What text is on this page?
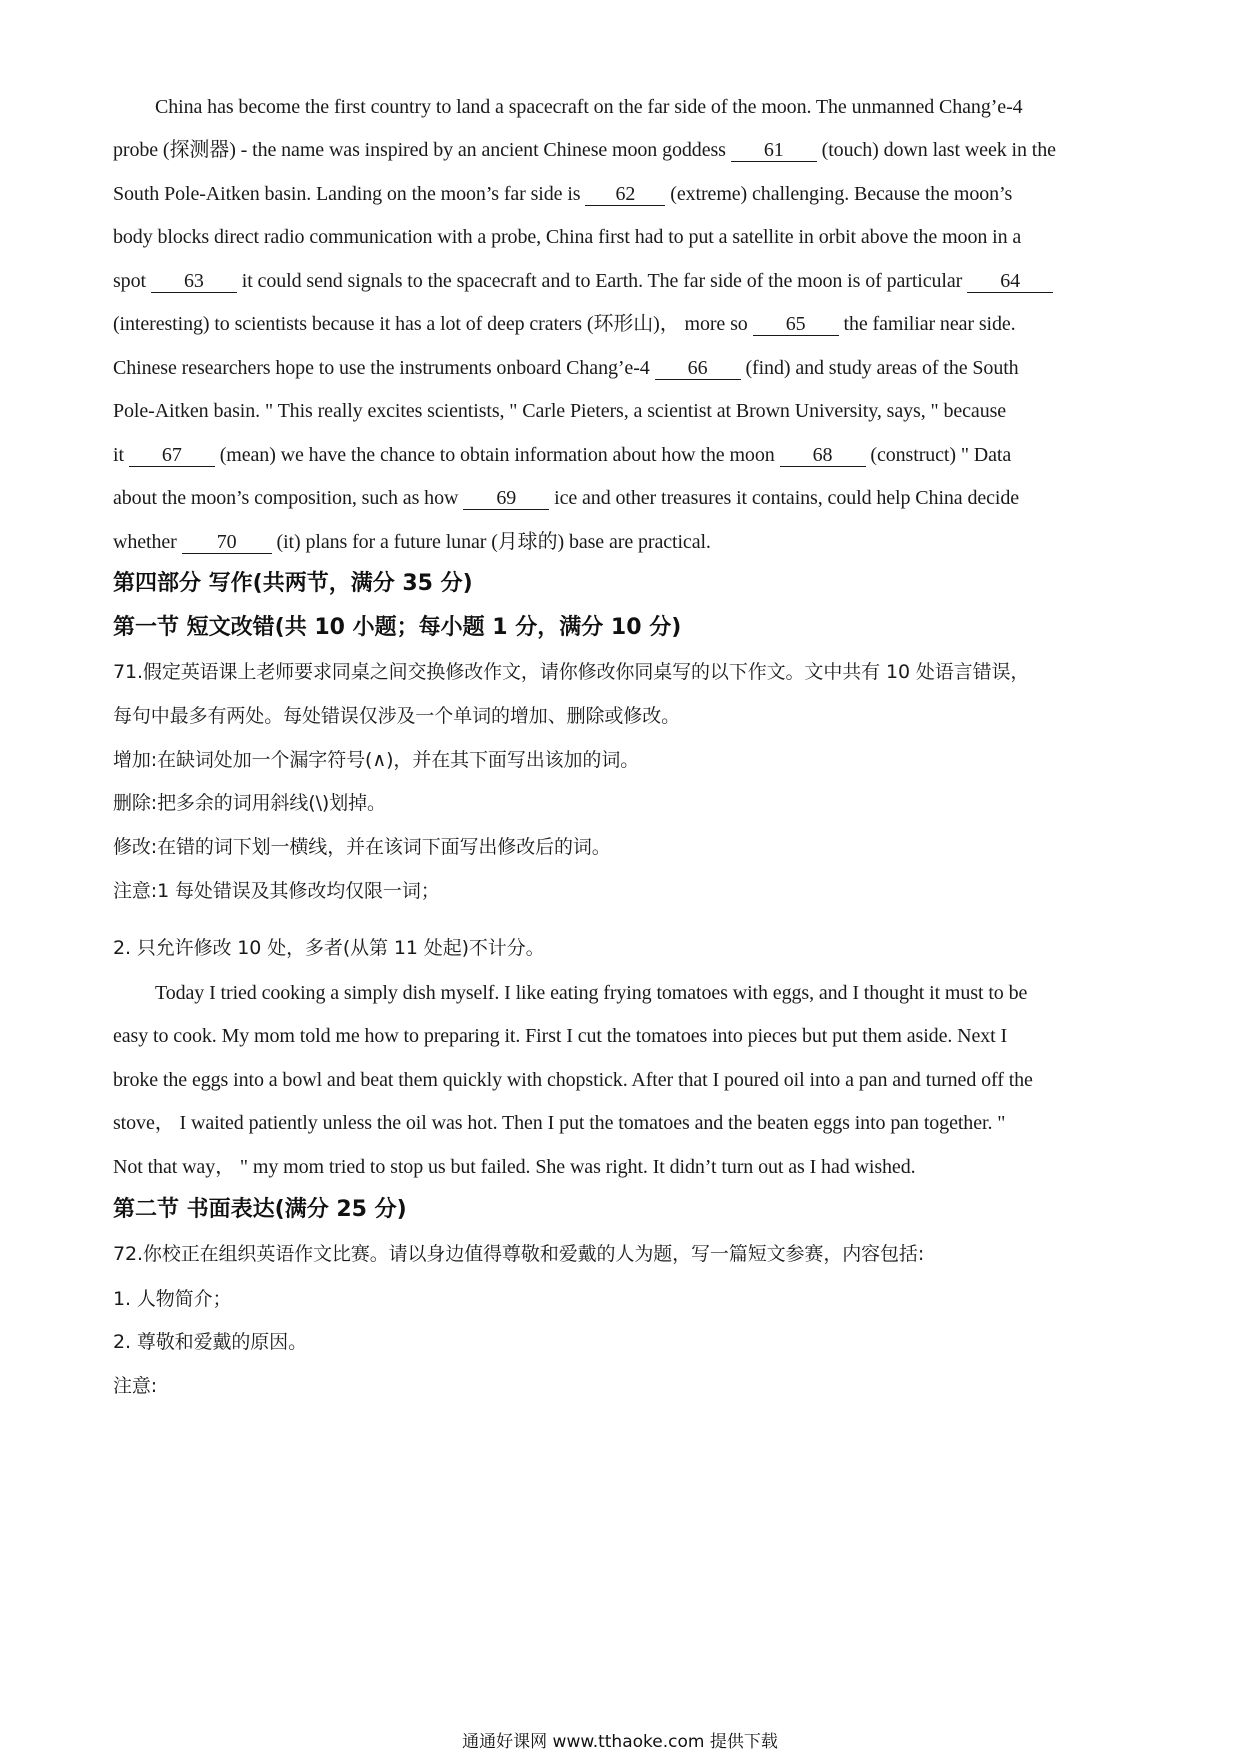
China has become the first country to land a spacecraft on the far side of the moon. The unmanned Chang’e-4
probe (探测器) - the name was inspired by an ancient Chinese moon goddess 61 (touch) down last week in the
South Pole-Aitken basin. Landing on the moon’s far side is 62 (extreme) challenging. Because the moon’s
body blocks direct radio communication with a probe, China first had to put a satellite in orbit above the moon in a
spot 63 it could send signals to the spacecraft and to Earth. The far side of the moon is of particular 64
(interesting) to scientists because it has a lot of deep craters (环形山)， more so 65 the familiar near side.
Chinese researchers hope to use the instruments onboard Chang’e-4 66 (find) and study areas of the South
Pole-Aitken basin. " This really excites scientists, " Carle Pieters, a scientist at Brown University, says, " because
it 67 (mean) we have the chance to obtain information about how the moon 68 (construct) " Data
about the moon’s composition, such as how 69 ice and other treasures it contains, could help China decide
whether 70 (it) plans for a future lunar (月球的) base are practical.
第四部分 写作(共两节，满分 35 分)
第一节 短文改错(共 10 小题；每小题 1 分，满分 10 分)
71.假定英语课上老师要求同桌之间交换修改作文，请你修改你同桌写的以下作文。文中共有 10 处语言错误，
每句中最多有两处。每处错误仅涉及一个单词的增加、删除或修改。
增加:在缺词处加一个漏字符号(∧)，并在其下面写出该加的词。
删除:把多余的词用斜线(\)划掉。
修改:在错的词下划一横线，并在该词下面写出修改后的词。
注意:1 每处错误及其修改均仅限一词；
2. 只允许修改 10 处，多者(从第 11 处起)不计分。
Today I tried cooking a simply dish myself. I like eating frying tomatoes with eggs, and I thought it must to be
easy to cook. My mom told me how to preparing it. First I cut the tomatoes into pieces but put them aside. Next I
broke the eggs into a bowl and beat them quickly with chopstick. After that I poured oil into a pan and turned off the
stove， I waited patiently unless the oil was hot. Then I put the tomatoes and the beaten eggs into pan together. "
Not that way， " my mom tried to stop us but failed. She was right. It didn’t turn out as I had wished.
第二节 书面表达(满分 25 分)
72.你校正在组织英语作文比赛。请以身边值得尊敬和爱戴的人为题，写一篇短文参赛，内容包括:
1. 人物简介；
2. 尊敬和爱戴的原因。
注意:
通通好课网 www.tthaoke.com 提供下载
